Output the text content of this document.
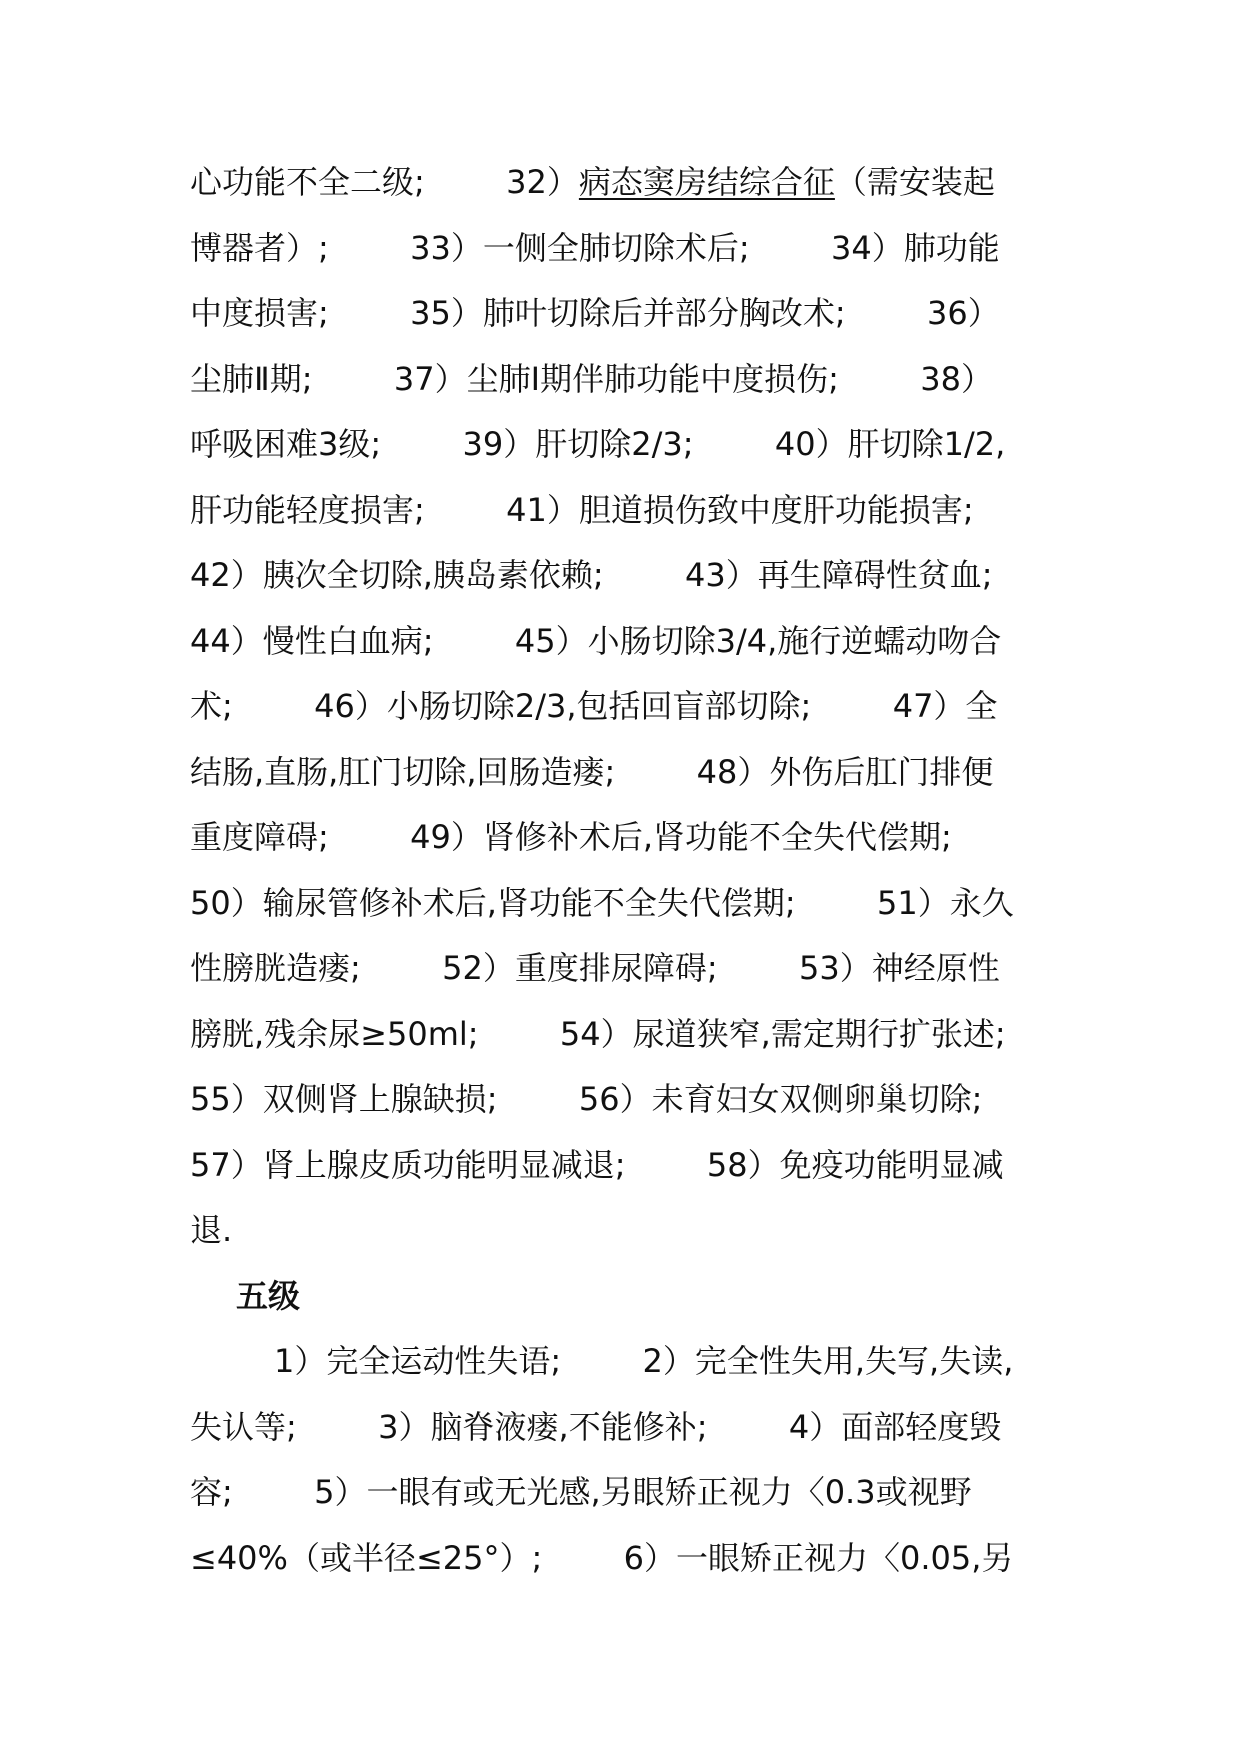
心功能不全二级;        32）病态窦房结综合征（需安装起
博器者）;        33）一侧全肺切除术后;        34）肺功能
中度损害;        35）肺叶切除后并部分胸改术;        36）
尘肺Ⅱ期;        37）尘肺Ⅰ期伴肺功能中度损伤;        38）
呼吸困难3级;        39）肝切除2/3;        40）肝切除1/2,
肝功能轻度损害;        41）胆道损伤致中度肝功能损害;
42）胰次全切除,胰岛素依赖;        43）再生障碍性贫血;
44）慢性白血病;        45）小肠切除3/4,施行逆蠕动吻合
术;        46）小肠切除2/3,包括回盲部切除;        47）全
结肠,直肠,肛门切除,回肠造瘘;        48）外伤后肛门排便
重度障碍;        49）肾修补术后,肾功能不全失代偿期;
50）输尿管修补术后,肾功能不全失代偿期;        51）永久
性膀胱造瘘;        52）重度排尿障碍;        53）神经原性
膀胱,残余尿≥50ml;        54）尿道狭窄,需定期行扩张述;
55）双侧肾上腺缺损;        56）未育妇女双侧卵巢切除;
57）肾上腺皮质功能明显减退;        58）免疫功能明显减
退.
五级
1）完全运动性失语;        2）完全性失用,失写,失读,
失认等;        3）脑脊液瘘,不能修补;        4）面部轻度毁
容;        5）一眼有或无光感,另眼矫正视力〈0.3或视野
≤40%（或半径≤25°）;        6）一眼矫正视力〈0.05,另
